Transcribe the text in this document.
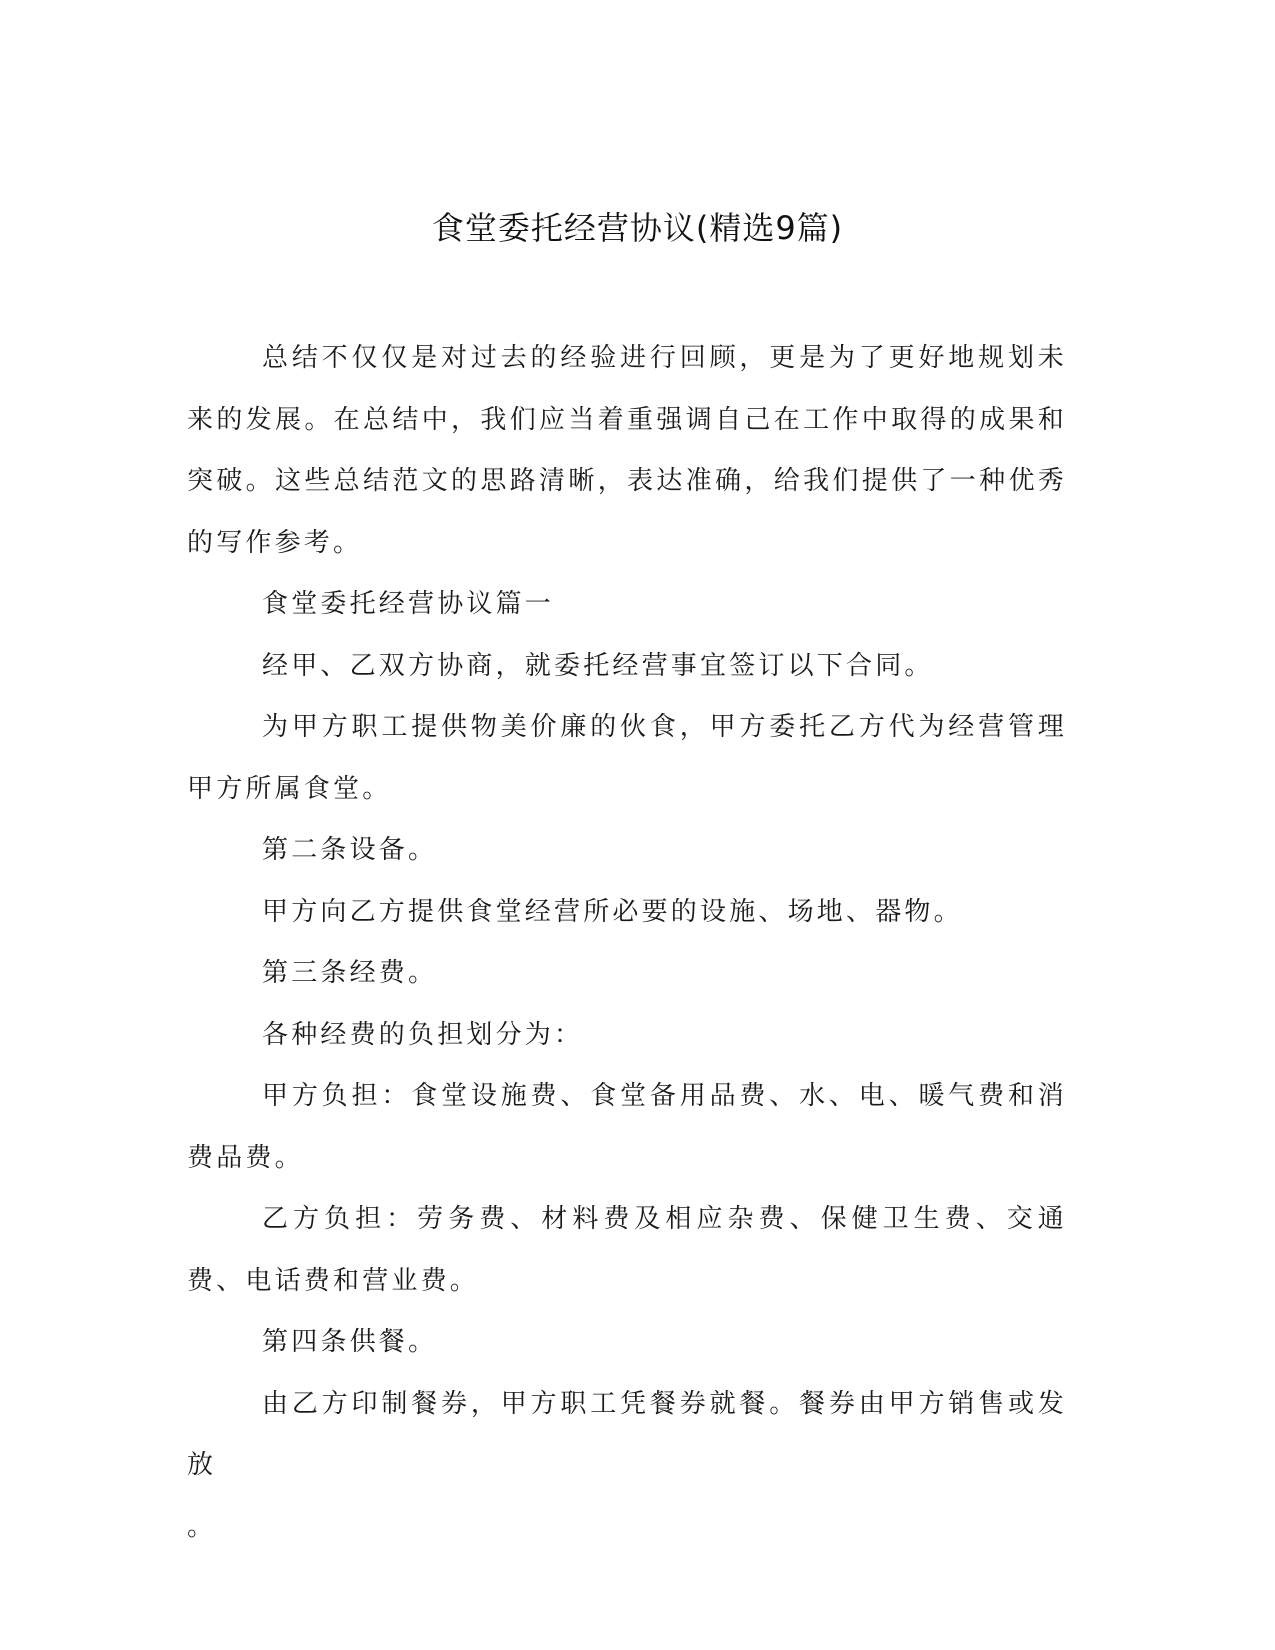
食堂委托经营协议(精选9篇)

总结不仅仅是对过去的经验进行回顾，更是为了更好地规划未来的发展。在总结中，我们应当着重强调自己在工作中取得的成果和突破。这些总结范文的思路清晰，表达准确，给我们提供了一种优秀的写作参考。

食堂委托经营协议篇一

经甲、乙双方协商，就委托经营事宜签订以下合同。

为甲方职工提供物美价廉的伙食，甲方委托乙方代为经营管理甲方所属食堂。

第二条设备。

甲方向乙方提供食堂经营所必要的设施、场地、器物。

第三条经费。

各种经费的负担划分为：

甲方负担：食堂设施费、食堂备用品费、水、电、暖气费和消费品费。

乙方负担：劳务费、材料费及相应杂费、保健卫生费、交通费、电话费和营业费。

第四条供餐。

由乙方印制餐券，甲方职工凭餐券就餐。餐券由甲方销售或发放

。
